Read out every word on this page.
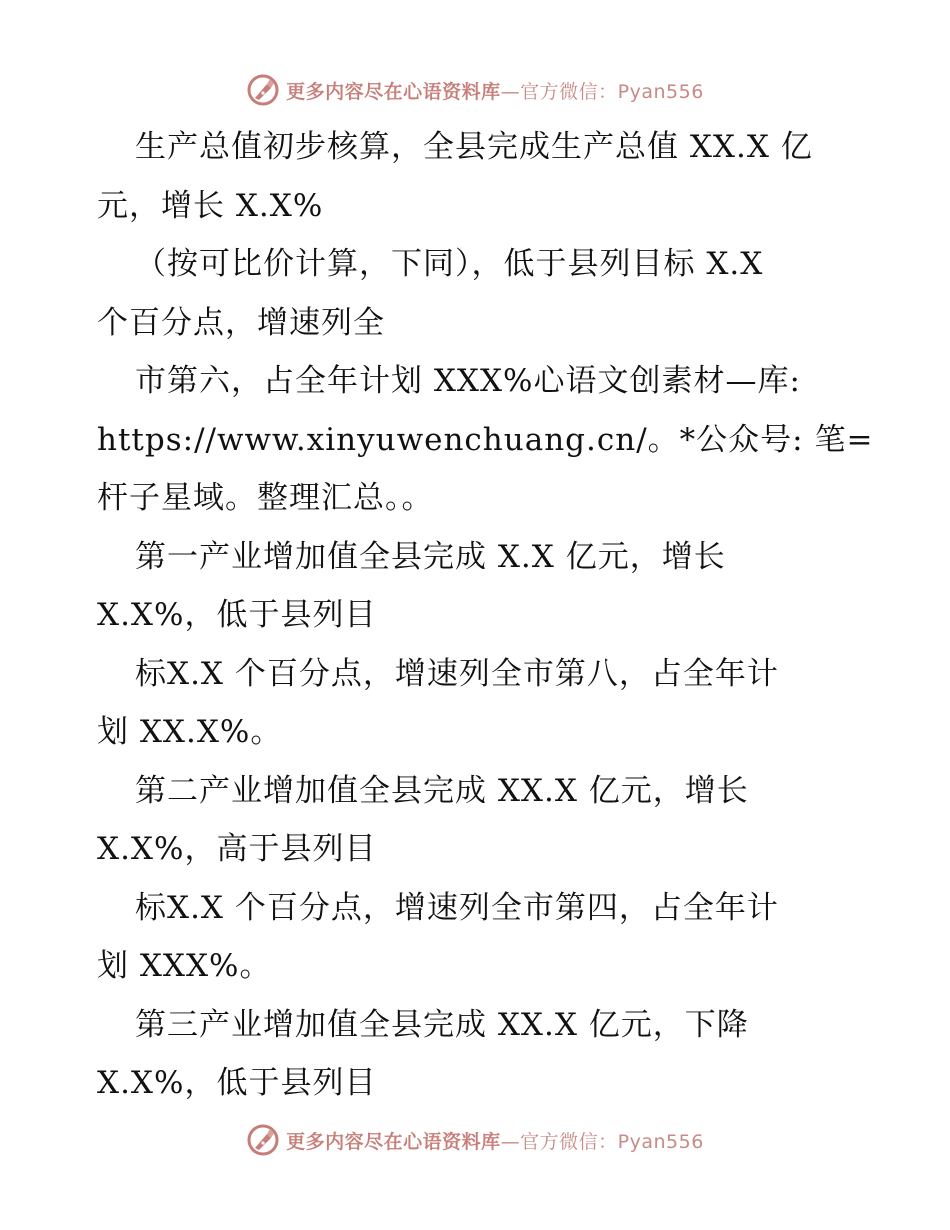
更多内容尽在心语资料库—官方微信：Pyan556
生产总值初步核算，全县完成生产总值 XX.X 亿
元，增长 X.X%
（按可比价计算，下同），低于县列目标 X.X
个百分点，增速列全
市第六，占全年计划 XXX%心语文创素材—库:
https://www.xinyuwenchuang.cn/。*公众号: 笔=
杆子星域。整理汇总。。
第一产业增加值全县完成 X.X 亿元，增长
X.X%，低于县列目
标X.X 个百分点，增速列全市第八，占全年计
划 XX.X%。
第二产业增加值全县完成 XX.X 亿元，增长
X.X%，高于县列目
标X.X 个百分点，增速列全市第四，占全年计
划 XXX%。
第三产业增加值全县完成 XX.X 亿元，下降
X.X%，低于县列目
更多内容尽在心语资料库—官方微信：Pyan556
